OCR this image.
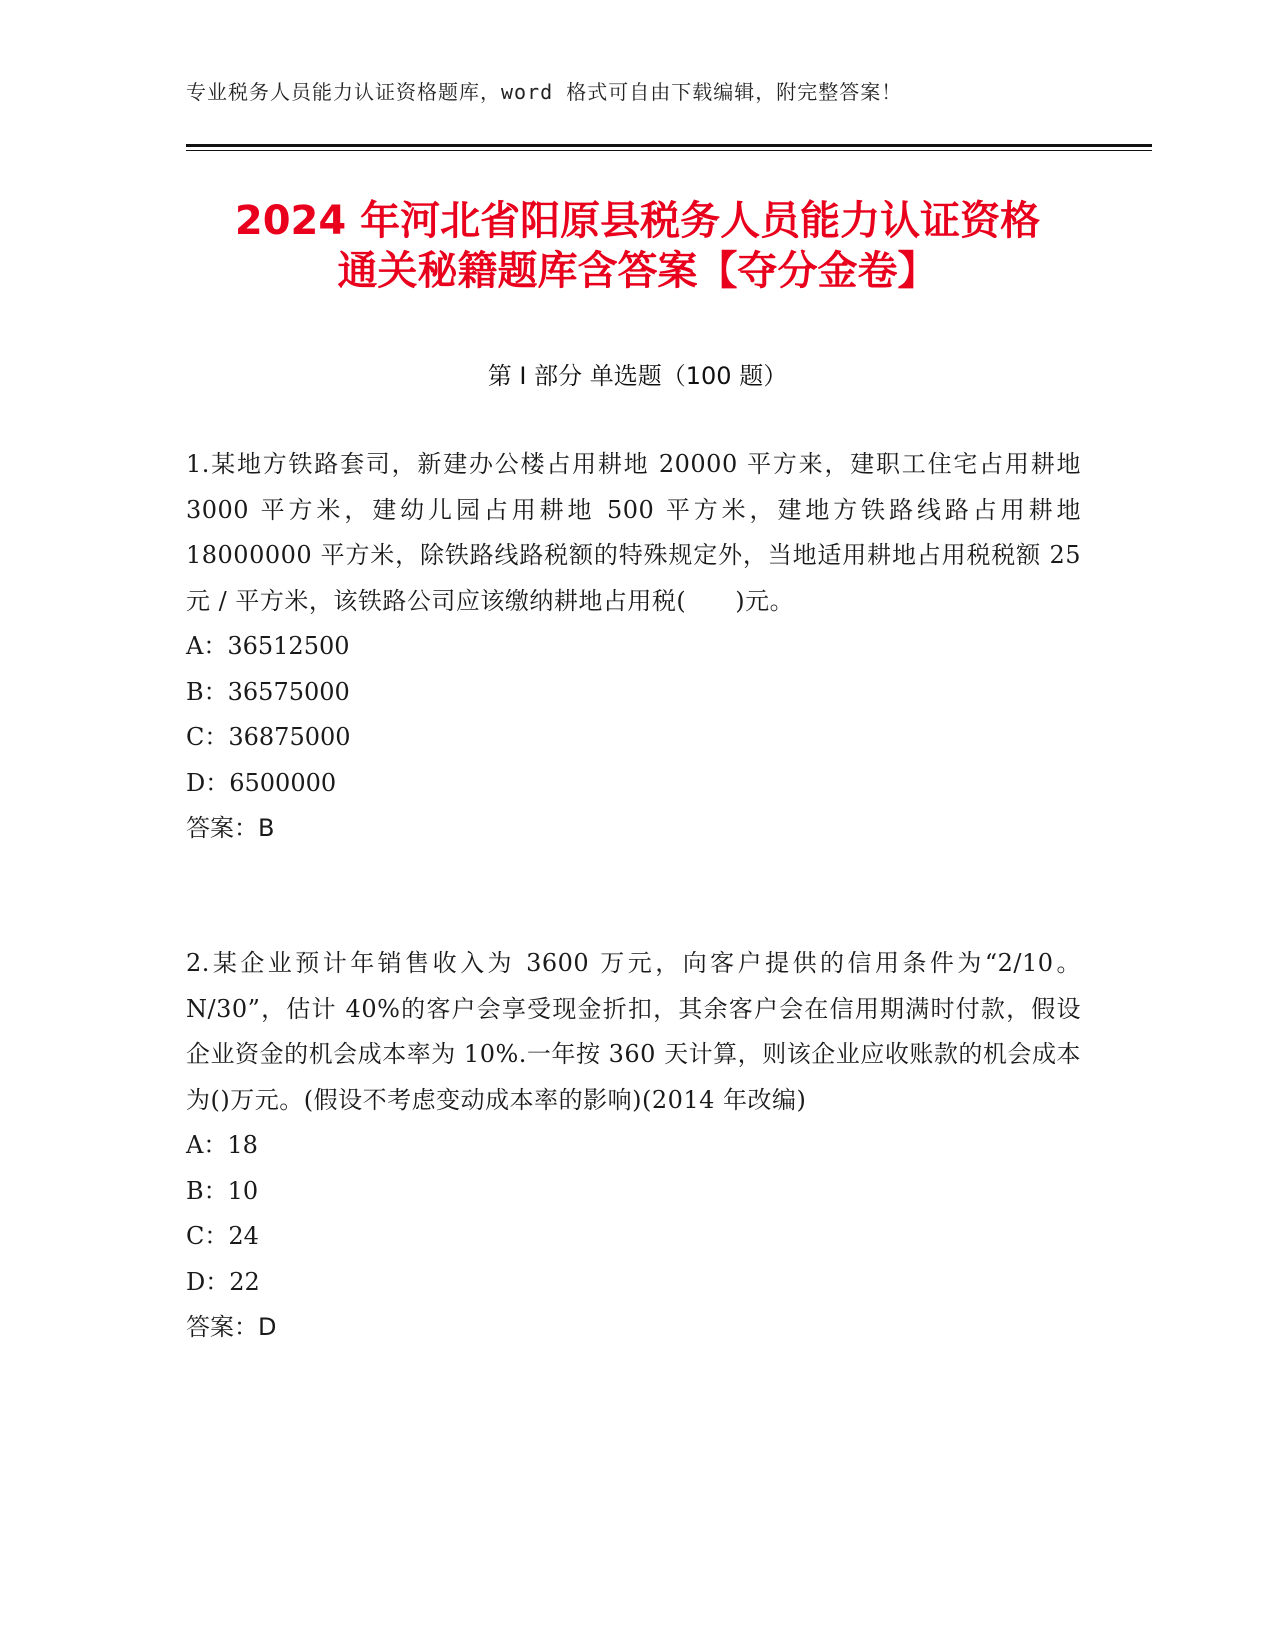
专业税务人员能力认证资格题库，word 格式可自由下载编辑，附完整答案！
2024 年河北省阳原县税务人员能力认证资格
通关秘籍题库含答案【夺分金卷】
第 I 部分 单选题（100 题）

1.某地方铁路套司，新建办公楼占用耕地 20000 平方来，建职工住宅占用耕地 3000 平方米，建幼儿园占用耕地 500 平方米，建地方铁路线路占用耕地 18000000 平方米，除铁路线路税额的特殊规定外，当地适用耕地占用税税额 25 元 / 平方米，该铁路公司应该缴纳耕地占用税(　　)元。

A：36512500

B：36575000

C：36875000

D：6500000

答案：B

2.某企业预计年销售收入为 3600 万元，向客户提供的信用条件为“2/10。N/30”，估计 40%的客户会享受现金折扣，其余客户会在信用期满时付款，假设企业资金的机会成本率为 10%.一年按 360 天计算，则该企业应收账款的机会成本为()万元。(假设不考虑变动成本率的影响)(2014 年改编)

A：18

B：10

C：24

D：22

答案：D
